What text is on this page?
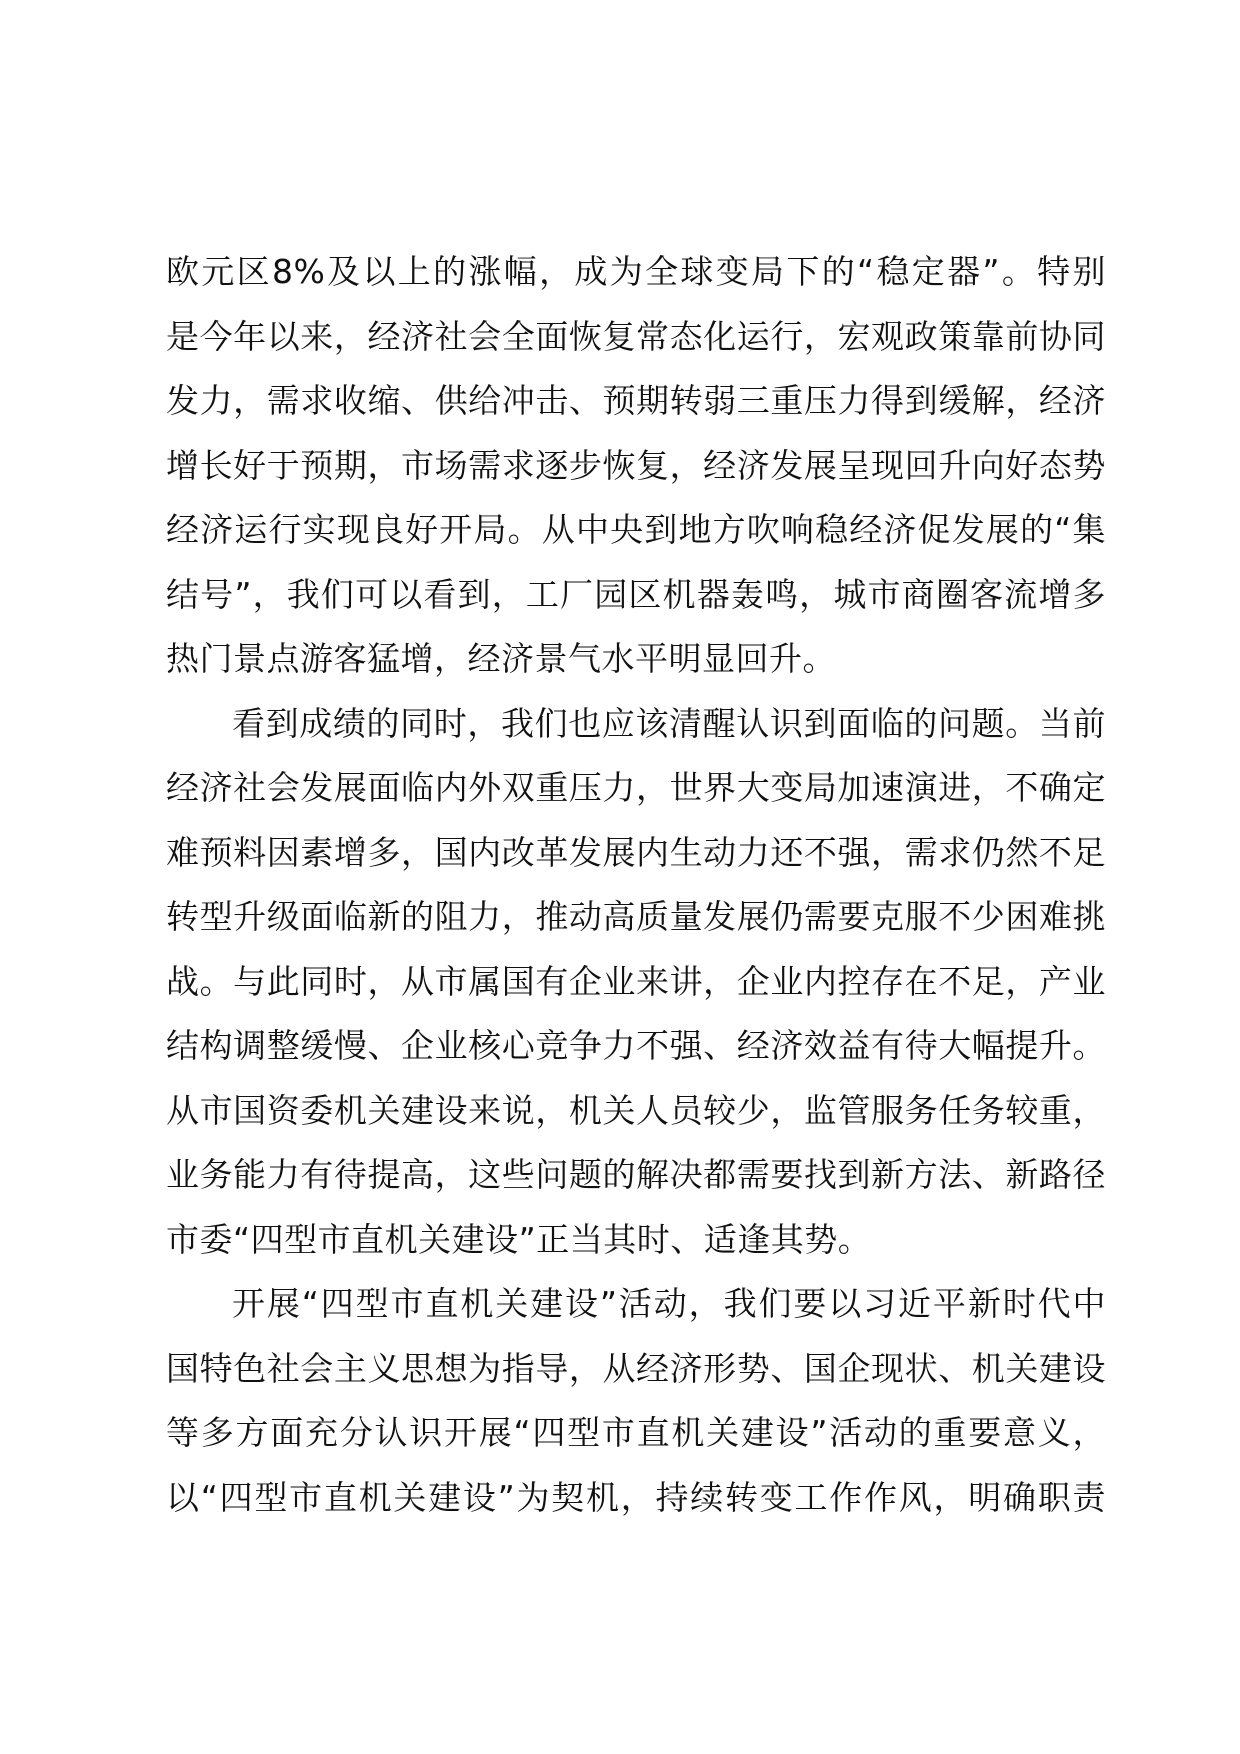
欧元区8%及以上的涨幅，成为全球变局下的“稳定器”。特别
是今年以来，经济社会全面恢复常态化运行，宏观政策靠前协同
发力，需求收缩、供给冲击、预期转弱三重压力得到缓解，经济
增长好于预期，市场需求逐步恢复，经济发展呈现回升向好态势
经济运行实现良好开局。从中央到地方吹响稳经济促发展的“集
结号”，我们可以看到，工厂园区机器轰鸣，城市商圈客流增多
热门景点游客猛增，经济景气水平明显回升。
看到成绩的同时，我们也应该清醒认识到面临的问题。当前
经济社会发展面临内外双重压力，世界大变局加速演进，不确定
难预料因素增多，国内改革发展内生动力还不强，需求仍然不足
转型升级面临新的阻力，推动高质量发展仍需要克服不少困难挑
战。与此同时，从市属国有企业来讲，企业内控存在不足，产业
结构调整缓慢、企业核心竞争力不强、经济效益有待大幅提升。
从市国资委机关建设来说，机关人员较少，监管服务任务较重，
业务能力有待提高，这些问题的解决都需要找到新方法、新路径
市委“四型市直机关建设”正当其时、适逢其势。
开展“四型市直机关建设”活动，我们要以习近平新时代中
国特色社会主义思想为指导，从经济形势、国企现状、机关建设
等多方面充分认识开展“四型市直机关建设”活动的重要意义，
以“四型市直机关建设”为契机，持续转变工作作风，明确职责
